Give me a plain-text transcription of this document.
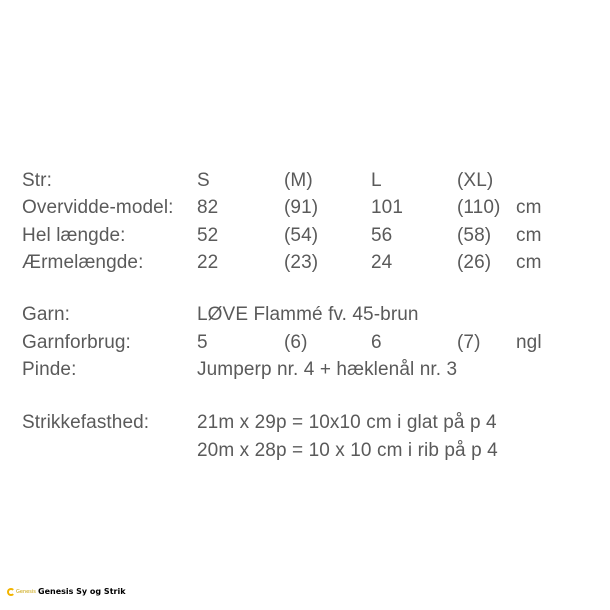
Str:	S	(M)	L	(XL)
Overvidde-model: 82	(91)	101	(110) cm
Hel længde:	52	(54)	56	(58) cm
Ærmelængde:	22	(23)	24	(26) cm
Garn:	LØVE Flammé fv. 45-brun
Garnforbrug:	5	(6)	6	(7) ngl
Pinde:	Jumperp nr. 4 + hæklenål nr. 3
Strikkefasthed:	21m x 29p = 10x10 cm i glat på p 4
20m x 28p = 10 x 10 cm i rib på p 4
Genesis Genesis Sy og Strik
